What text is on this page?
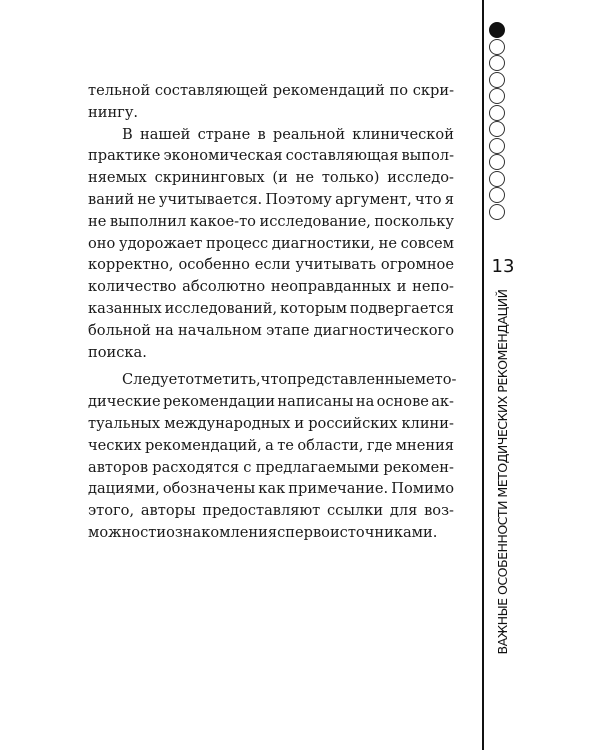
тельной составляющей рекомендаций по скри-
нингу.
В нашей стране в реальной клинической
практике экономическая составляющая выпол-
няемых скрининговых (и не только) исследо-
ваний не учитывается. Поэтому аргумент, что я
не выполнил какое-то исследование, поскольку
оно удорожает процесс диагностики, не совсем
корректно, особенно если учитывать огромное
количество абсолютно неоправданных и непо-
казанных исследований, которым подвергается
больной на начальном этапе диагностического
поиска.
Следует отметить, что представленные мето-
дические рекомендации написаны на основе ак-
туальных международных и российских клини-
ческих рекомендаций, а те области, где мнения
авторов расходятся с предлагаемыми рекомен-
дациями, обозначены как примечание. Помимо
этого, авторы предоставляют ссылки для воз-
можности ознакомления с первоисточниками.
13
ВАЖНЫЕ ОСОБЕННОСТИ МЕТОДИЧЕСКИХ РЕКОМЕНДАЦИЙ
